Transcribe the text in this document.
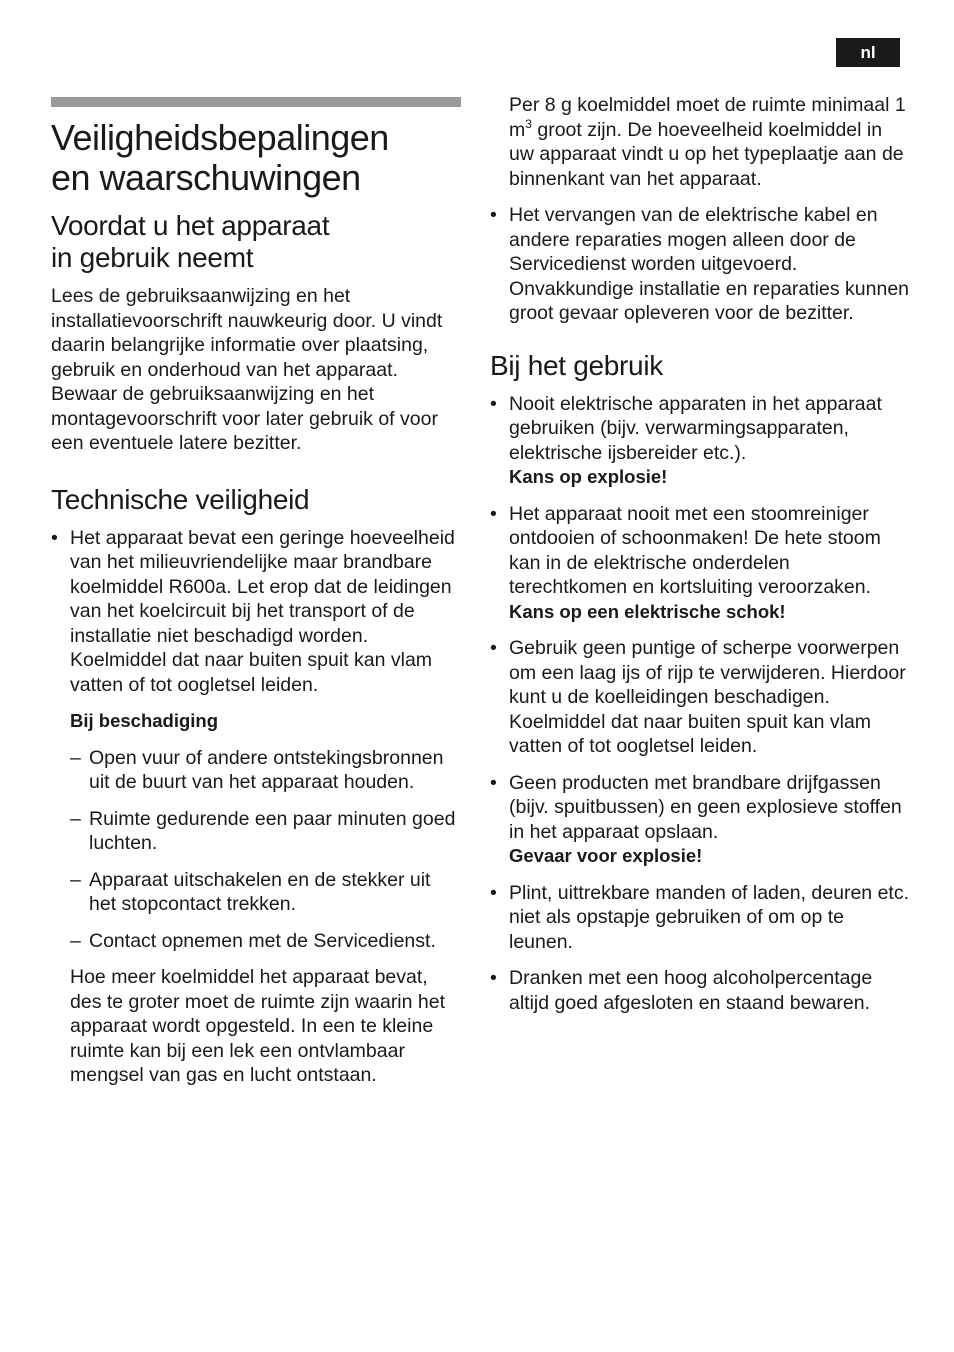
nl
Veiligheidsbepalingen
en waarschuwingen
Voordat u het apparaat
in gebruik neemt

Lees de gebruiksaanwijzing en het installatievoorschrift nauwkeurig door. U vindt daarin belangrijke informatie over plaatsing, gebruik en onderhoud van het apparaat.

Bewaar de gebruiksaanwijzing en het montagevoorschrift voor later gebruik of voor een eventuele latere bezitter.

Technische veiligheid
• Het apparaat bevat een geringe hoeveelheid van het milieuvriendelijke maar brandbare koelmiddel R600a. Let erop dat de leidingen van het koelcircuit bij het transport of de installatie niet beschadigd worden. Koelmiddel dat naar buiten spuit kan vlam vatten of tot oogletsel leiden.

Bij beschadiging

– Open vuur of andere ontstekingsbronnen uit de buurt van het apparaat houden.
– Ruimte gedurende een paar minuten goed luchten.
– Apparaat uitschakelen en de stekker uit het stopcontact trekken.
– Contact opnemen met de Servicedienst.

Hoe meer koelmiddel het apparaat bevat, des te groter moet de ruimte zijn waarin het apparaat wordt opgesteld. In een te kleine ruimte kan bij een lek een ontvlambaar mengsel van gas en lucht ontstaan.

Per 8 g koelmiddel moet de ruimte minimaal 1 $m^3$ groot zijn. De hoeveelheid koelmiddel in uw apparaat vindt u op het typeplaatje aan de binnenkant van het apparaat.

• Het vervangen van de elektrische kabel en andere reparaties mogen alleen door de Servicedienst worden uitgevoerd. Onvakkundige installatie en reparaties kunnen groot gevaar opleveren voor de bezitter.
Bij het gebruik
• Nooit elektrische apparaten in het apparaat gebruiken (bijv. verwarmingsapparaten, elektrische ijsbereider etc.).
Kans op explosie!
• Het apparaat nooit met een stoomreiniger ontdooien of schoonmaken! De hete stoom kan in de elektrische onderdelen terechtkomen en kortsluiting veroorzaken.
Kans op een elektrische schok!
• Gebruik geen puntige of scherpe voorwerpen om een laag ijs of rijp te verwijderen. Hierdoor kunt u de koelleidingen beschadigen. Koelmiddel dat naar buiten spuit kan vlam vatten of tot oogletsel leiden.
• Geen producten met brandbare drijfgassen (bijv. spuitbussen) en geen explosieve stoffen in het apparaat opslaan.
Gevaar voor explosie!
• Plint, uittrekbare manden of laden, deuren etc. niet als opstapje gebruiken of om op te leunen.
• Dranken met een hoog alcoholpercentage altijd goed afgesloten en staand bewaren.
